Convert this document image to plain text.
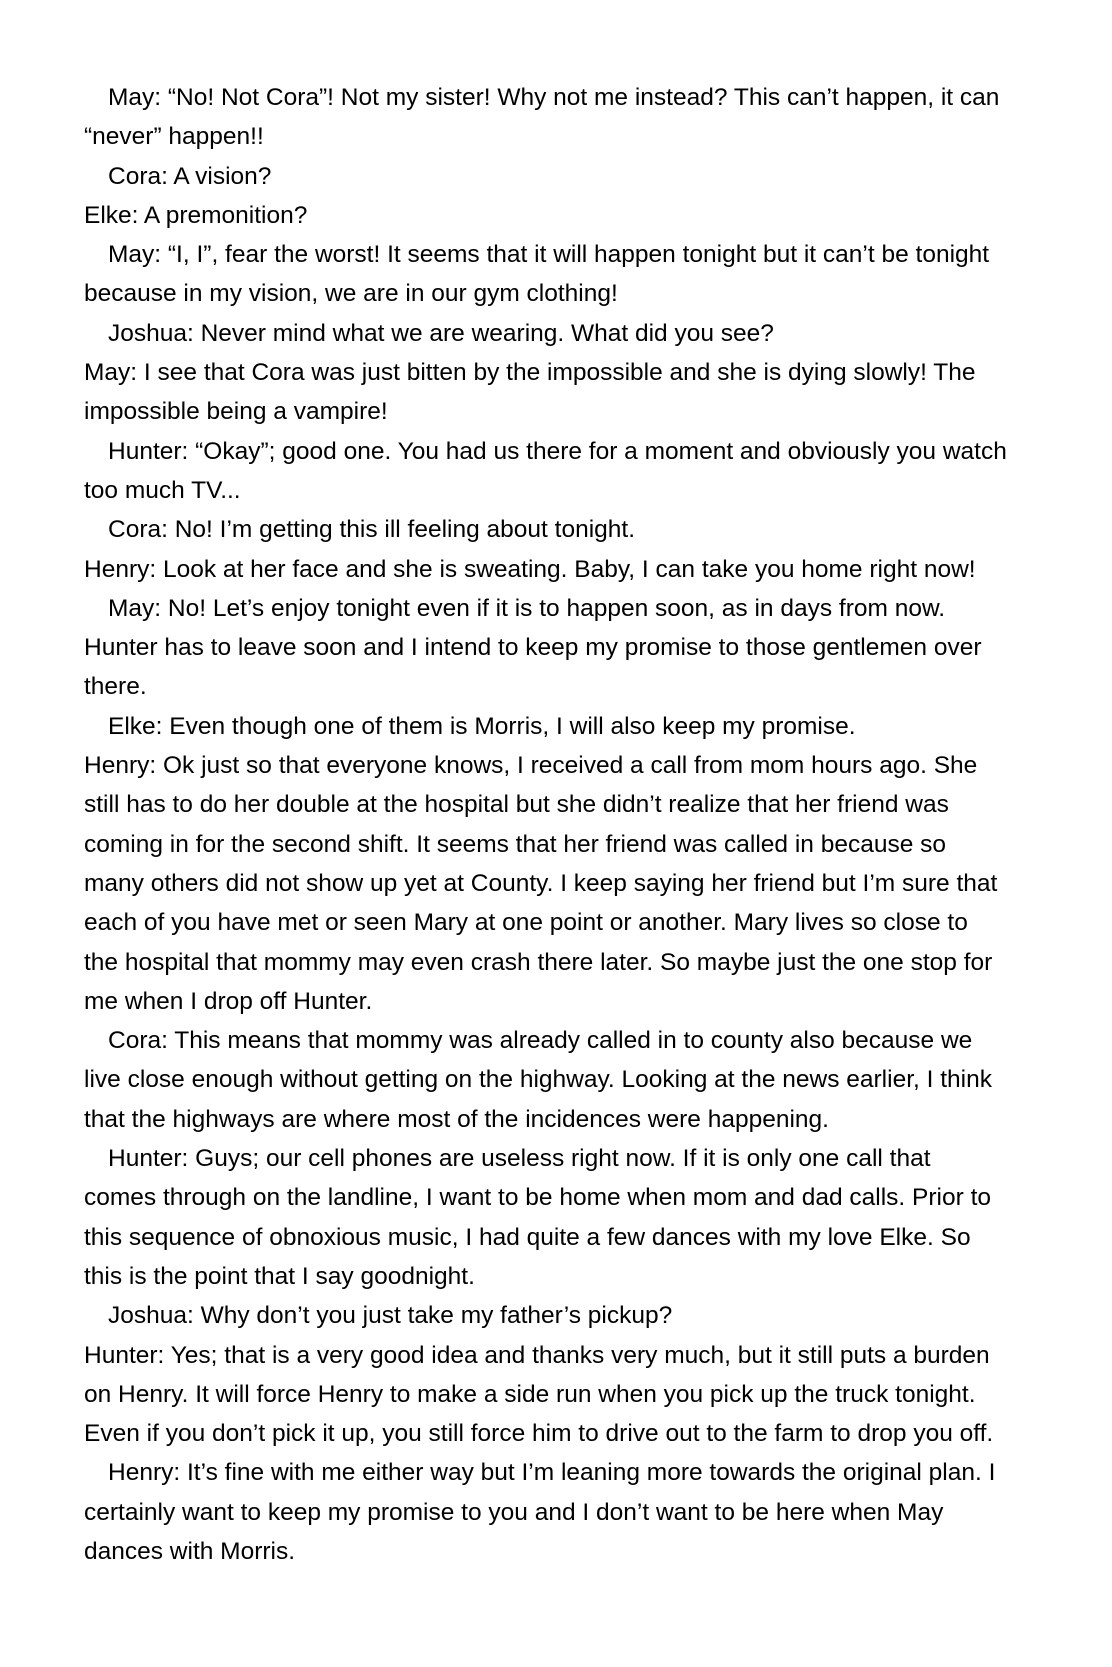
May: “No! Not Cora”! Not my sister! Why not me instead? This can’t happen, it can
“never” happen!!
Cora: A vision?
Elke: A premonition?
May: “I, I”, fear the worst! It seems that it will happen tonight but it can’t be tonight
because in my vision, we are in our gym clothing!
Joshua: Never mind what we are wearing. What did you see?
May: I see that Cora was just bitten by the impossible and she is dying slowly! The
impossible being a vampire!
Hunter: “Okay”; good one. You had us there for a moment and obviously you watch
too much TV...
Cora: No! I’m getting this ill feeling about tonight.
Henry: Look at her face and she is sweating. Baby, I can take you home right now!
May: No! Let’s enjoy tonight even if it is to happen soon, as in days from now.
Hunter has to leave soon and I intend to keep my promise to those gentlemen over
there.
Elke: Even though one of them is Morris, I will also keep my promise.
Henry: Ok just so that everyone knows, I received a call from mom hours ago. She
still has to do her double at the hospital but she didn’t realize that her friend was
coming in for the second shift. It seems that her friend was called in because so
many others did not show up yet at County. I keep saying her friend but I’m sure that
each of you have met or seen Mary at one point or another. Mary lives so close to
the hospital that mommy may even crash there later. So maybe just the one stop for
me when I drop off Hunter.
Cora: This means that mommy was already called in to county also because we
live close enough without getting on the highway. Looking at the news earlier, I think
that the highways are where most of the incidences were happening.
Hunter: Guys; our cell phones are useless right now. If it is only one call that
comes through on the landline, I want to be home when mom and dad calls. Prior to
this sequence of obnoxious music, I had quite a few dances with my love Elke. So
this is the point that I say goodnight.
Joshua: Why don’t you just take my father’s pickup?
Hunter: Yes; that is a very good idea and thanks very much, but it still puts a burden
on Henry. It will force Henry to make a side run when you pick up the truck tonight.
Even if you don’t pick it up, you still force him to drive out to the farm to drop you off.
Henry: It’s fine with me either way but I’m leaning more towards the original plan. I
certainly want to keep my promise to you and I don’t want to be here when May
dances with Morris.
